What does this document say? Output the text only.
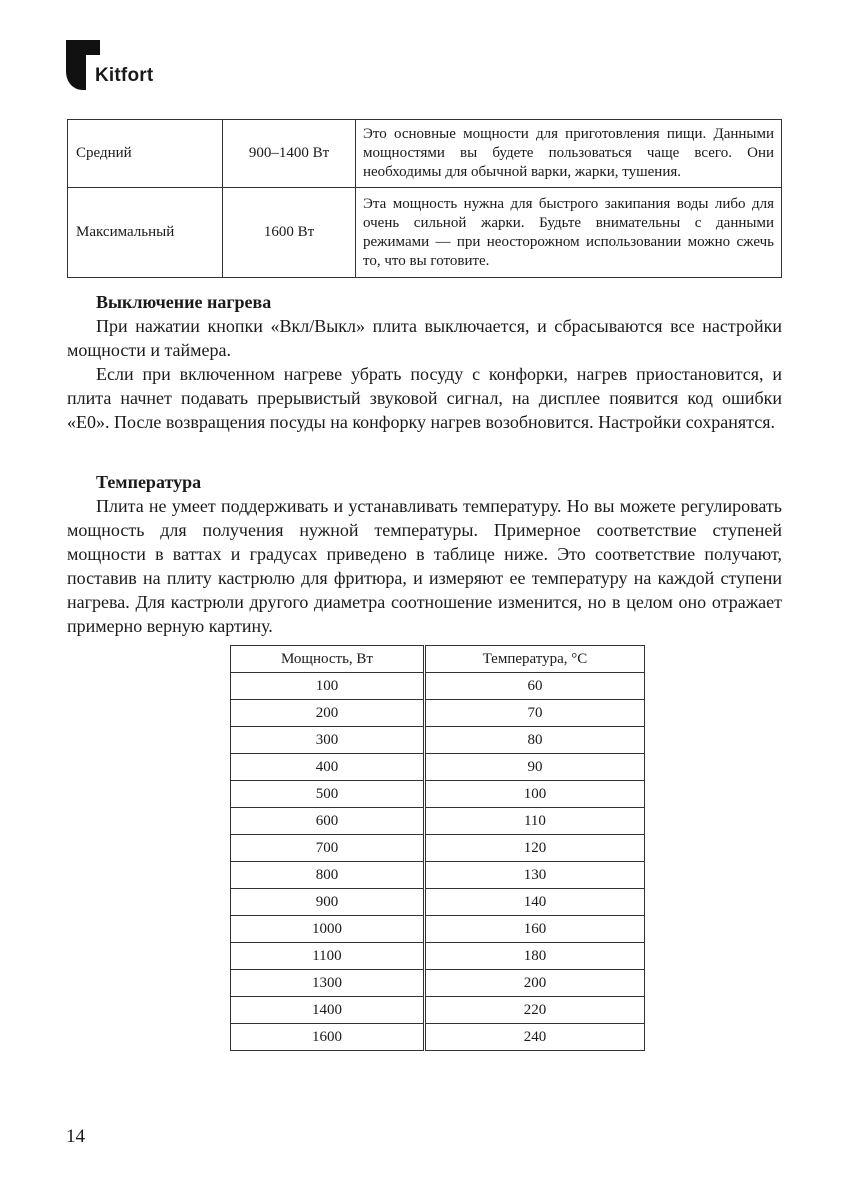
Kitfort
Средний	900–1400 Вт	Это основные мощности для приготовления пищи. Данными мощностями вы будете пользоваться чаще всего. Они необходимы для обычной варки, жарки, тушения.
Максимальный	1600 Вт	Эта мощность нужна для быстрого закипания воды либо для очень сильной жарки. Будьте внимательны с данными режимами — при неосторожном использовании можно сжечь то, что вы готовите.
Выключение нагрева

При нажатии кнопки «Вкл/Выкл» плита выключается, и сбрасываются все настройки мощности и таймера.

Если при включенном нагреве убрать посуду с конфорки, нагрев приостановится, и плита начнет подавать прерывистый звуковой сигнал, на дисплее появится код ошибки «E0». После возвращения посуды на конфорку нагрев возобновится. Настройки сохранятся.

Температура

Плита не умеет поддерживать и устанавливать температуру. Но вы можете регулировать мощность для получения нужной температуры. Примерное соответствие ступеней мощности в ваттах и градусах приведено в таблице ниже. Это соответствие получают, поставив на плиту кастрюлю для фритюра, и измеряют ее температуру на каждой ступени нагрева. Для кастрюли другого диаметра соотношение изменится, но в целом оно отражает примерно верную картину.

Мощность, Вт	Температура, °C
100	60
200	70
300	80
400	90
500	100
600	110
700	120
800	130
900	140
1000	160
1100	180
1300	200
1400	220
1600	240
14
